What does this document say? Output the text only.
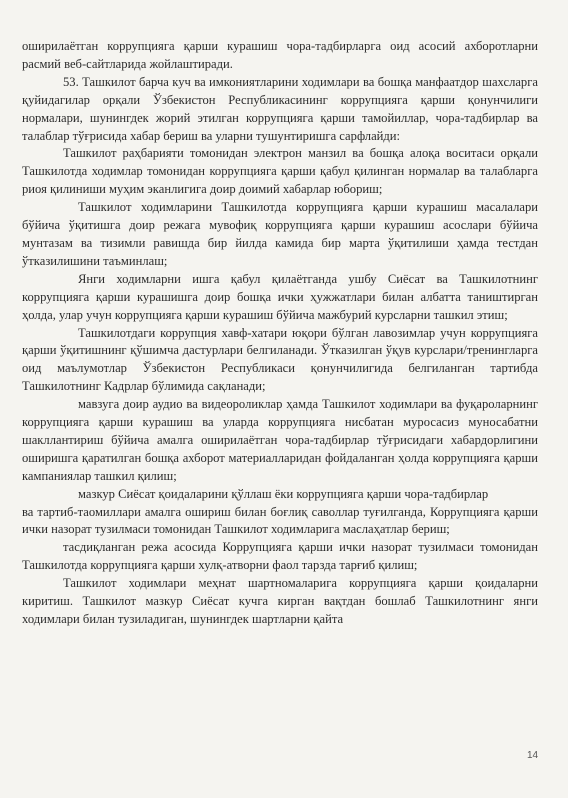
оширилаётган коррупцияга қарши курашиш чора-тадбирларга оид асосий ахборотларни расмий веб-сайтларида жойлаштиради.

53. Ташкилот барча куч ва имкониятларини ходимлари ва бошқа манфаатдор шахсларга қуйидагилар орқали Ўзбекистон Республикасининг коррупцияга қарши қонунчилиги нормалари, шунингдек жорий этилган коррупцияга қарши тамойиллар, чора-тадбирлар ва талаблар тўғрисида хабар бериш ва уларни тушунтиришга сарфлайди:

Ташкилот раҳбарияти томонидан электрон манзил ва бошқа алоқа воситаси орқали Ташкилотда ходимлар томонидан коррупцияга қарши қабул қилинган нормалар ва талабларга риоя қилиниши муҳим эканлигига доир доимий хабарлар юбориш;

Ташкилот ходимларини Ташкилотда коррупцияга қарши курашиш масалалари бўйича ўқитишга доир режага мувофиқ коррупцияга қарши курашиш асослари бўйича мунтазам ва тизимли равишда бир йилда камида бир марта ўқитилиши ҳамда тестдан ўтказилишини таъминлаш;

Янги ходимларни ишга қабул қилаётганда ушбу Сиёсат ва Ташкилотнинг коррупцияга қарши курашишга доир бошқа ички ҳужжатлари билан албатта таништирган ҳолда, улар учун коррупцияга қарши курашиш бўйича мажбурий курсларни ташкил этиш;

Ташкилотдаги коррупция хавф-хатари юқори бўлган лавозимлар учун коррупцияга қарши ўқитишнинг қўшимча дастурлари белгиланади. Ўтказилган ўқув курслари/тренингларга оид маълумотлар Ўзбекистон Республикаси қонунчилигида белгиланган тартибда Ташкилотнинг Кадрлар бўлимида сақланади;

мавзуга доир аудио ва видеороликлар ҳамда Ташкилот ходимлари ва фуқароларнинг коррупцияга қарши курашиш ва уларда коррупцияга нисбатан муросасиз муносабатни шакллантириш бўйича амалга оширилаётган чора-тадбирлар тўғрисидаги хабардорлигини оширишга қаратилган бошқа ахборот материалларидан фойдаланган ҳолда коррупцияга қарши кампаниялар ташкил қилиш;

мазкур Сиёсат қоидаларини қўллаш ёки коррупцияга қарши чора-тадбирлар

ва тартиб-таомиллари амалга ошириш билан боғлиқ саволлар туғилганда, Коррупцияга қарши ички назорат тузилмаси томонидан Ташкилот ходимларига маслаҳатлар бериш;

тасдиқланган режа асосида Коррупцияга қарши ички назорат тузилмаси томонидан Ташкилотда коррупцияга қарши хулқ-атворни фаол тарзда тарғиб қилиш;

Ташкилот ходимлари меҳнат шартномаларига коррупцияга қарши қоидаларни киритиш. Ташкилот мазкур Сиёсат кучга кирган вақтдан бошлаб Ташкилотнинг янги ходимлари билан тузиладиган, шунингдек шартларни қайта

14
